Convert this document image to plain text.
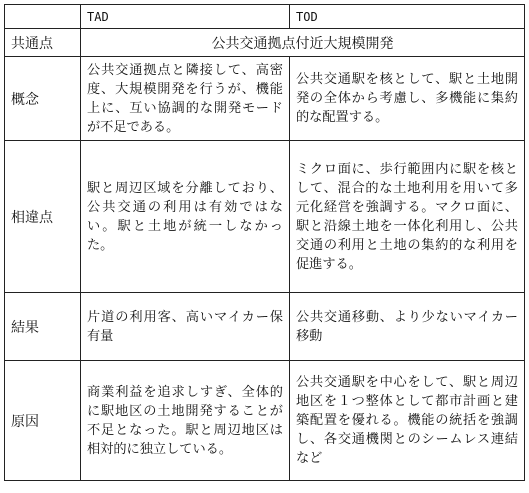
	TAD	TOD
共通点	公共交通拠点付近大規模開発	
概念	公共交通拠点と隣接して、高密度、大規模開発を行うが、機能上に、互い協調的な開発モードが不足である。	公共交通駅を核として、駅と土地開発の全体から考慮し、多機能に集約的な配置する。
相違点	駅と周辺区域を分離しており、公共交通の利用は有効ではない。駅と土地が統一しなかった。	ミクロ面に、歩行範囲内に駅を核として、混合的な土地利用を用いて多元化経営を強調する。マクロ面に、駅と沿線土地を一体化利用し、公共交通の利用と土地の集約的な利用を促進する。
結果	片道の利用客、高いマイカー保有量	公共交通移動、より少ないマイカー移動
原因	商業利益を追求しすぎ、全体的に駅地区の土地開発することが不足となった。駅と周辺地区は相対的に独立している。	公共交通駅を中心をして、駅と周辺地区を１つ整体として都市計画と建築配置を優れる。機能の統括を強調し、各交通機関とのシームレス連結など
